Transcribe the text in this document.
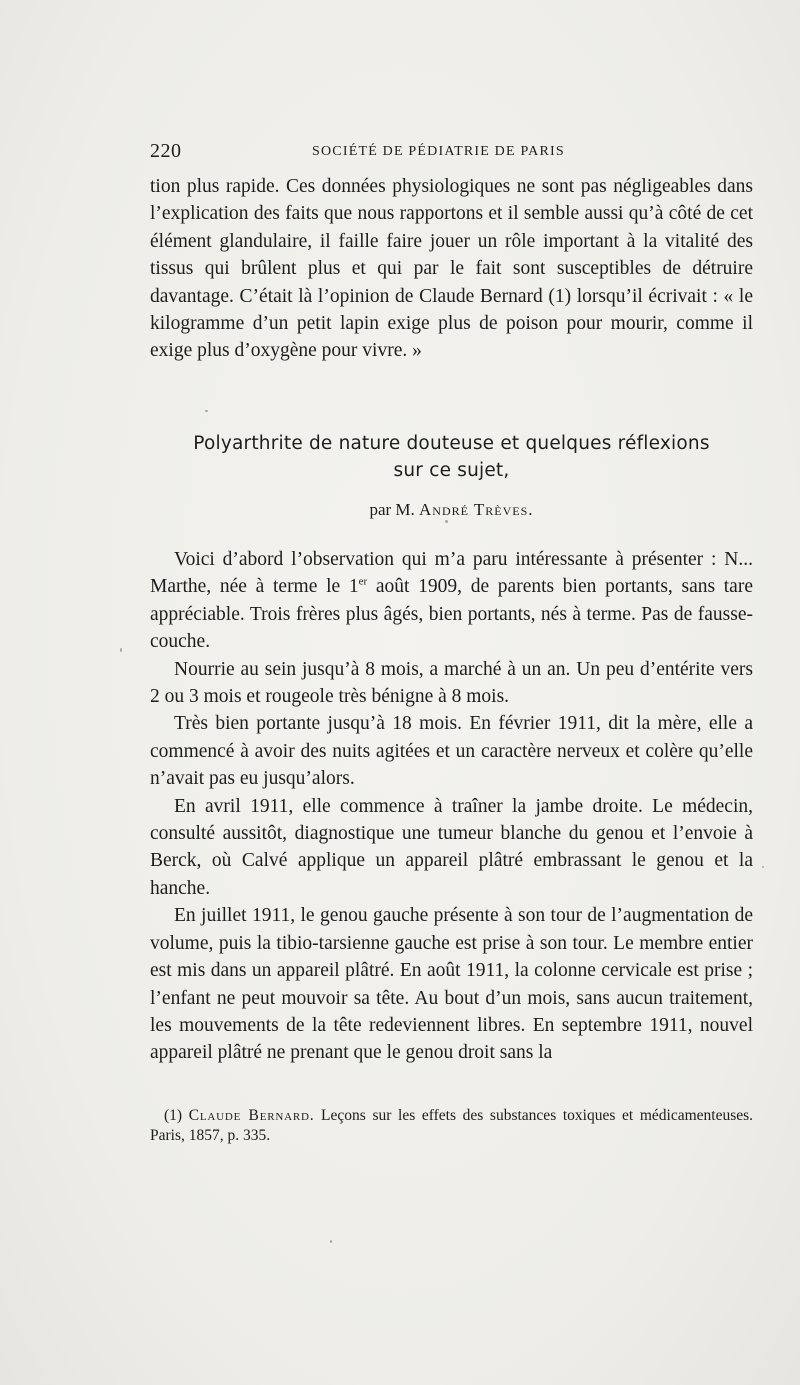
220	SOCIÉTÉ DE PÉDIATRIE DE PARIS

tion plus rapide. Ces données physiologiques ne sont pas négligeables dans l’explication des faits que nous rapportons et il semble aussi qu’à côté de cet élément glandulaire, il faille faire jouer un rôle important à la vitalité des tissus qui brûlent plus et qui par le fait sont susceptibles de détruire davantage. C’était là l’opinion de Claude Bernard (1) lorsqu’il écrivait : « le kilogramme d’un petit lapin exige plus de poison pour mourir, comme il exige plus d’oxygène pour vivre. »

Polyarthrite de nature douteuse et quelques réflexions
sur ce sujet,
par M. André Trèves.

Voici d’abord l’observation qui m’a paru intéressante à présenter : N... Marthe, née à terme le 1er août 1909, de parents bien portants, sans tare appréciable. Trois frères plus âgés, bien portants, nés à terme. Pas de fausse-couche.

Nourrie au sein jusqu’à 8 mois, a marché à un an. Un peu d’entérite vers 2 ou 3 mois et rougeole très bénigne à 8 mois.

Très bien portante jusqu’à 18 mois. En février 1911, dit la mère, elle a commencé à avoir des nuits agitées et un caractère nerveux et colère qu’elle n’avait pas eu jusqu’alors.

En avril 1911, elle commence à traîner la jambe droite. Le médecin, consulté aussitôt, diagnostique une tumeur blanche du genou et l’envoie à Berck, où Calvé applique un appareil plâtré embrassant le genou et la hanche.

En juillet 1911, le genou gauche présente à son tour de l’augmentation de volume, puis la tibio-tarsienne gauche est prise à son tour. Le membre entier est mis dans un appareil plâtré. En août 1911, la colonne cervicale est prise ; l’enfant ne peut mouvoir sa tête. Au bout d’un mois, sans aucun traitement, les mouvements de la tête redeviennent libres. En septembre 1911, nouvel appareil plâtré ne prenant que le genou droit sans la

(1) Claude Bernard. Leçons sur les effets des substances toxiques et médicamenteuses. Paris, 1857, p. 335.
